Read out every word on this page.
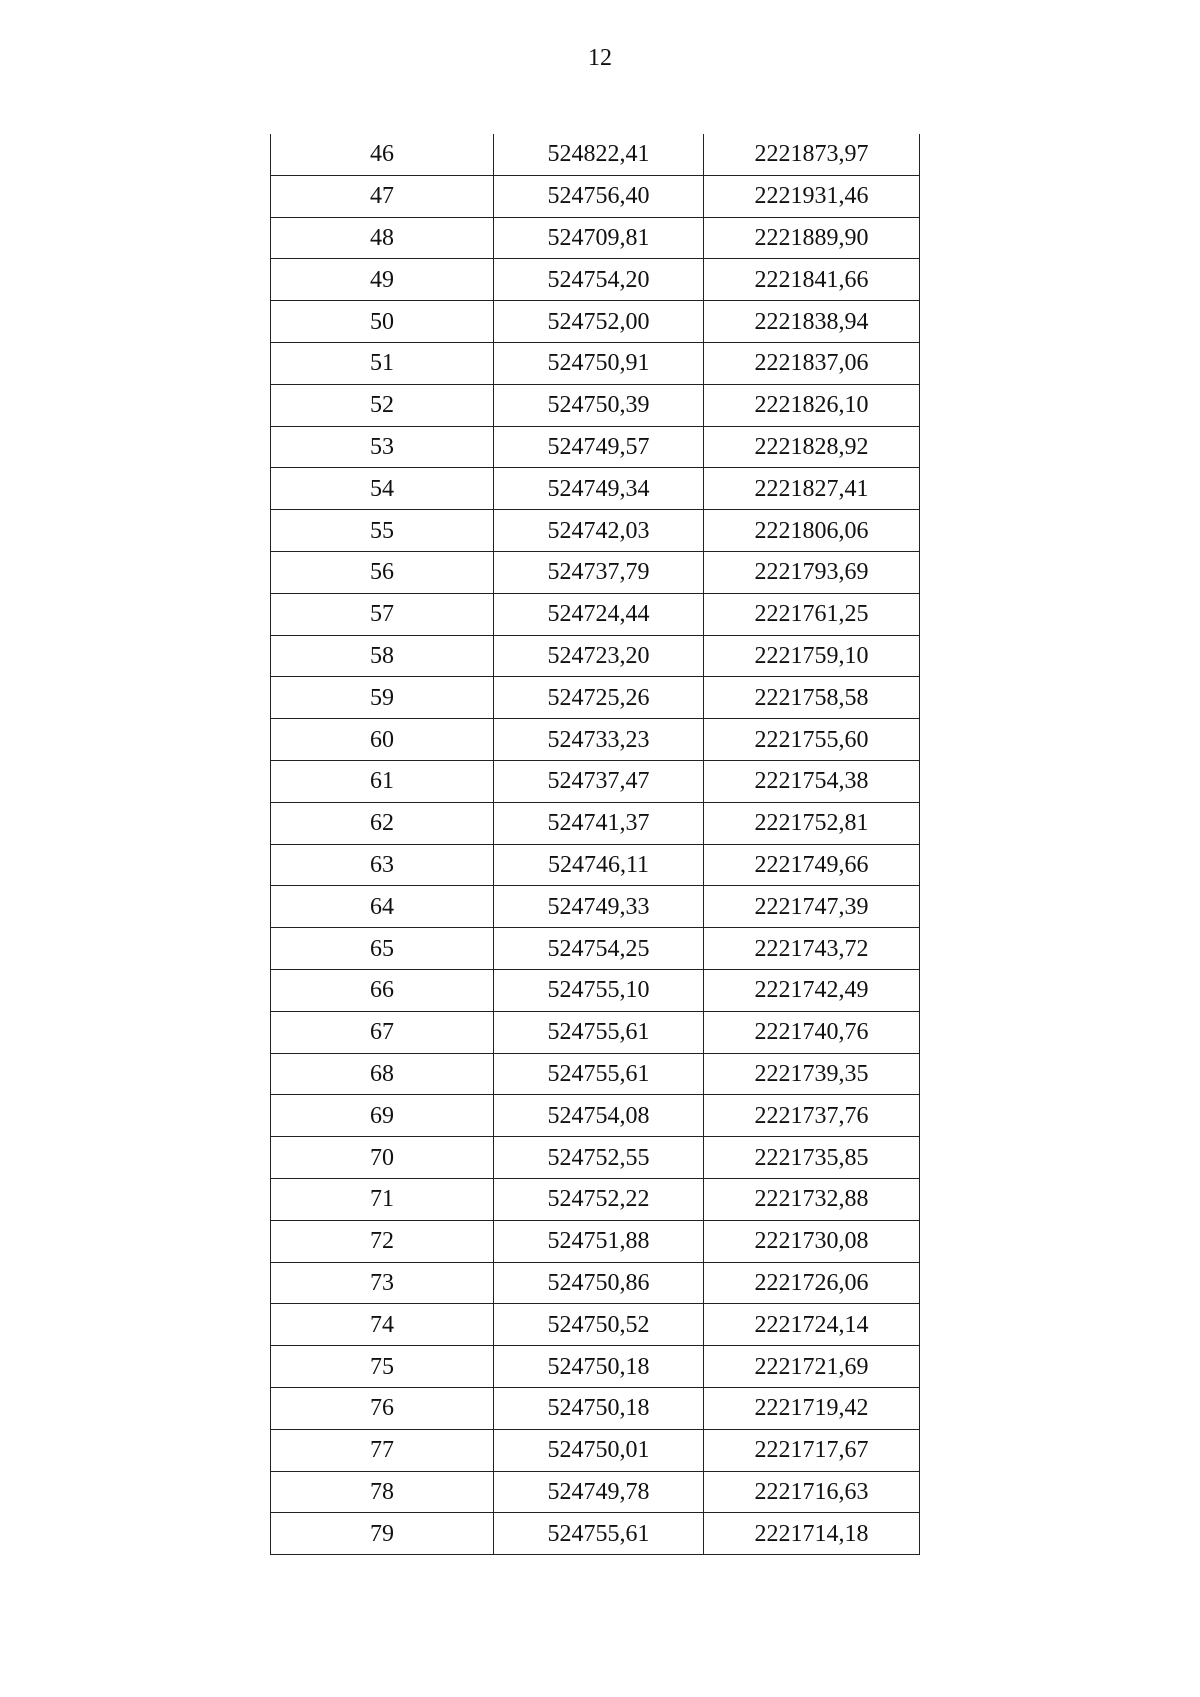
12
46	524822,41	2221873,97
47	524756,40	2221931,46
48	524709,81	2221889,90
49	524754,20	2221841,66
50	524752,00	2221838,94
51	524750,91	2221837,06
52	524750,39	2221826,10
53	524749,57	2221828,92
54	524749,34	2221827,41
55	524742,03	2221806,06
56	524737,79	2221793,69
57	524724,44	2221761,25
58	524723,20	2221759,10
59	524725,26	2221758,58
60	524733,23	2221755,60
61	524737,47	2221754,38
62	524741,37	2221752,81
63	524746,11	2221749,66
64	524749,33	2221747,39
65	524754,25	2221743,72
66	524755,10	2221742,49
67	524755,61	2221740,76
68	524755,61	2221739,35
69	524754,08	2221737,76
70	524752,55	2221735,85
71	524752,22	2221732,88
72	524751,88	2221730,08
73	524750,86	2221726,06
74	524750,52	2221724,14
75	524750,18	2221721,69
76	524750,18	2221719,42
77	524750,01	2221717,67
78	524749,78	2221716,63
79	524755,61	2221714,18
